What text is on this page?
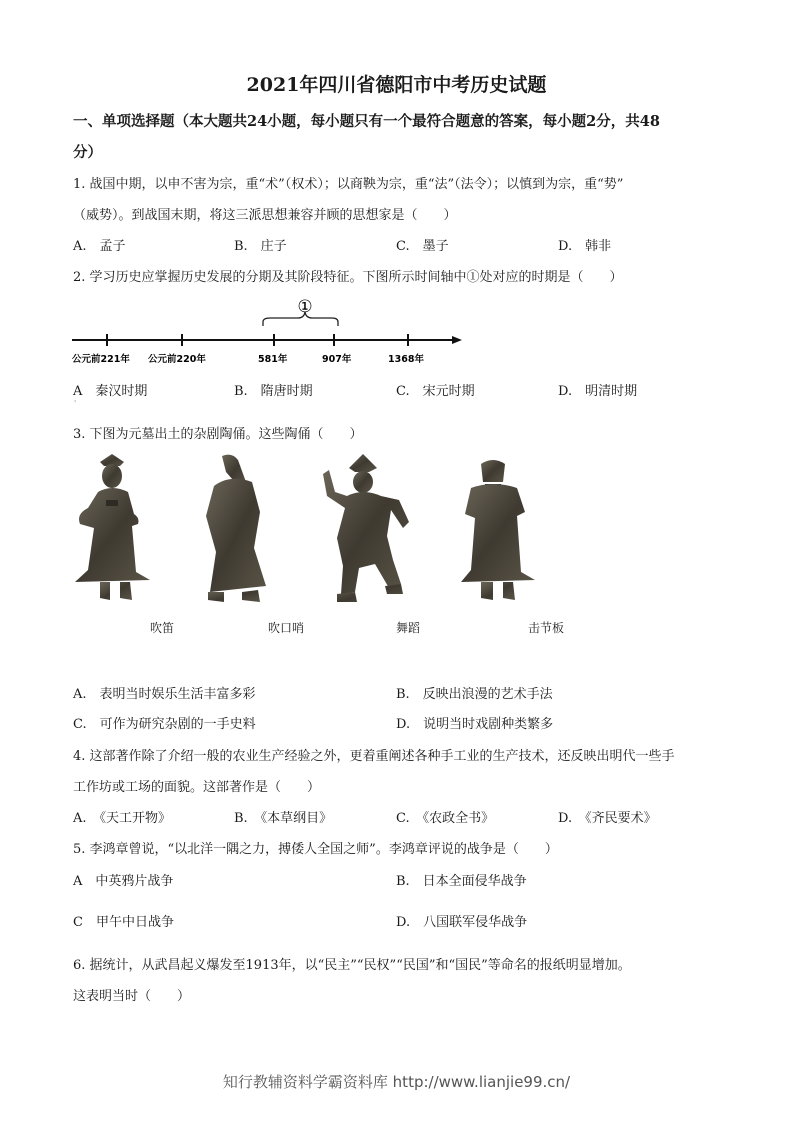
2021年四川省德阳市中考历史试题
一、单项选择题（本大题共24小题，每小题只有一个最符合题意的答案，每小题2分，共48
分）
1. 战国中期，以申不害为宗，重“术”（权术）；以商鞅为宗，重“法”（法令）；以慎到为宗，重“势”
（威势）。到战国末期，将这三派思想兼容并顾的思想家是（　　）
A.　孟子	B.　庄子	C.　墨子	D.　韩非
2. 学习历史应掌握历史发展的分期及其阶段特征。下图所示时间轴中①处对应的时期是（　　）
①
公元前221年 公元前220年	581年	907年	1368年
A　秦汉时期	B.　隋唐时期	C.　宋元时期	D.　明清时期
'
3. 下图为元墓出土的杂剧陶俑。这些陶俑（　　）
吹笛	吹口哨	舞蹈	击节板
A.　表明当时娱乐生活丰富多彩	B.　反映出浪漫的艺术手法
C.　可作为研究杂剧的一手史料	D.　说明当时戏剧种类繁多
4. 这部著作除了介绍一般的农业生产经验之外，更着重阐述各种手工业的生产技术，还反映出明代一些手
工作坊或工场的面貌。这部著作是（　　）
A.　《天工开物》	B.　《本草纲目》	C.　《农政全书》	D.　《齐民要术》
5. 李鸿章曾说，“以北洋一隅之力，搏倭人全国之师”。李鸿章评说的战争是（　　）
A　中英鸦片战争	B.　日本全面侵华战争
C　甲午中日战争	D.　八国联军侵华战争
6. 据统计，从武昌起义爆发至1913年，以“民主”“民权”“民国”和“国民”等命名的报纸明显增加。
这表明当时（　　）
知行教辅资料学霸资料库 http://www.lianjie99.cn/
